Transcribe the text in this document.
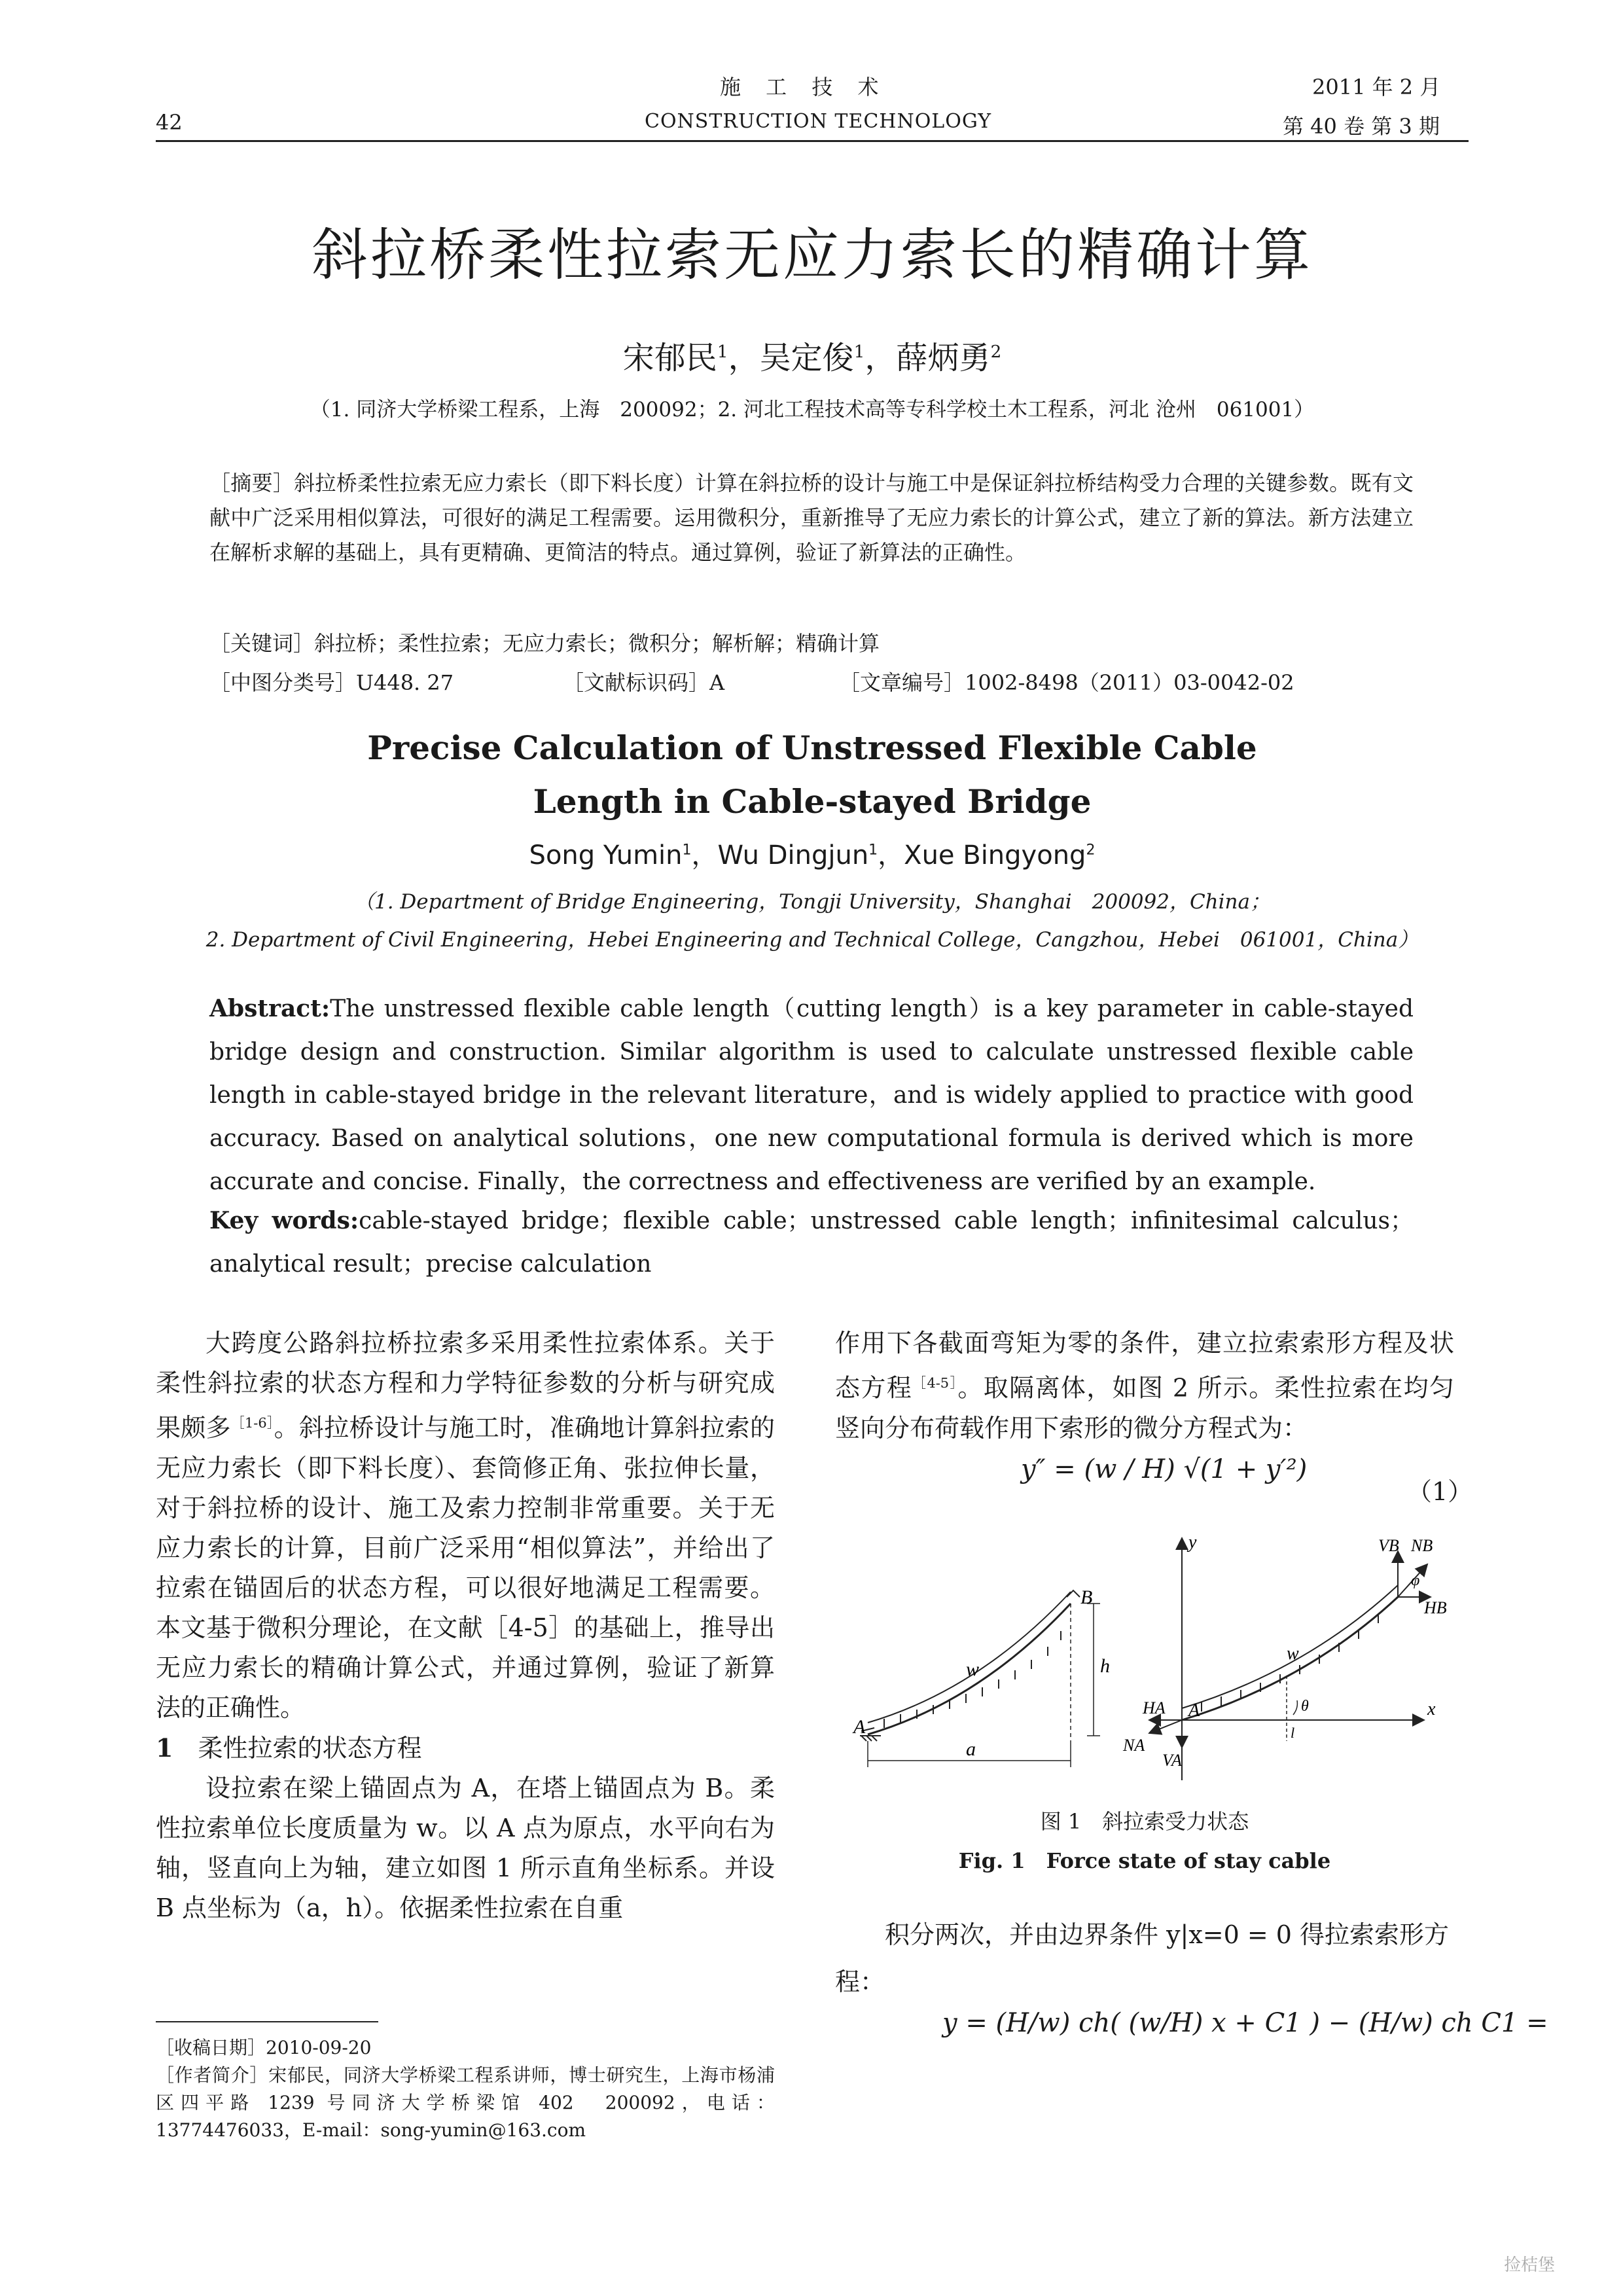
施 工 技 术	2011 年 2 月
42	CONSTRUCTION TECHNOLOGY	第 40 卷 第 3 期
斜拉桥柔性拉索无应力索长的精确计算
宋郁民$^1$，吴定俊$^1$，薛炳勇$^2$
（1. 同济大学桥梁工程系，上海　200092；2. 河北工程技术高等专科学校土木工程系，河北 沧州　061001）
［摘要］斜拉桥柔性拉索无应力索长（即下料长度）计算在斜拉桥的设计与施工中是保证斜拉桥结构受力合理的关键参数。既有文献中广泛采用相似算法，可很好的满足工程需要。运用微积分，重新推导了无应力索长的计算公式，建立了新的算法。新方法建立在解析求解的基础上，具有更精确、更简洁的特点。通过算例，验证了新算法的正确性。
［关键词］斜拉桥；柔性拉索；无应力索长；微积分；解析解；精确计算
［中图分类号］U448. 27	［文献标识码］A	［文章编号］1002-8498（2011）03-0042-02
Precise Calculation of Unstressed Flexible Cable
Length in Cable-stayed Bridge
Song Yumin$^1$，Wu Dingjun$^1$，Xue Bingyong$^2$
（1. Department of Bridge Engineering，Tongji University，Shanghai　200092，China；
2. Department of Civil Engineering，Hebei Engineering and Technical College，Cangzhou，Hebei　061001，China）
Abstract:The unstressed flexible cable length（cutting length）is a key parameter in cable-stayed bridge design and construction. Similar algorithm is used to calculate unstressed flexible cable length in cable-stayed bridge in the relevant literature，and is widely applied to practice with good accuracy. Based on analytical solutions，one new computational formula is derived which is more accurate and concise. Finally，the correctness and effectiveness are verified by an example.
Key words:cable-stayed bridge；flexible cable；unstressed cable length；infinitesimal calculus；analytical result；precise calculation

大跨度公路斜拉桥拉索多采用柔性拉索体系。关于柔性斜拉索的状态方程和力学特征参数的分析与研究成果颇多$^{[1-6]}$。斜拉桥设计与施工时，准确地计算斜拉索的无应力索长（即下料长度）、套筒修正角、张拉伸长量，对于斜拉桥的设计、施工及索力控制非常重要。关于无应力索长的计算，目前广泛采用“相似算法”，并给出了拉索在锚固后的状态方程，可以很好地满足工程需要。本文基于微积分理论，在文献［4-5］的基础上，推导出无应力索长的精确计算公式，并通过算例，验证了新算法的正确性。

1　 柔性拉索的状态方程

设拉索在梁上锚固点为 A，在塔上锚固点为 B。柔性拉索单位长度质量为 w。以 A 点为原点，水平向右为轴，竖直向上为轴，建立如图 1 所示直角坐标系。并设 B 点坐标为（a，h）。依据柔性拉索在自重

作用下各截面弯矩为零的条件，建立拉索索形方程及状态方程$^{[4-5]}$。取隔离体，如图 2 所示。柔性拉索在均匀竖向分布荷载作用下索形的微分方程式为：

y″ = (w / H) √(1 + y′²)
（1）
A
B
w	h
a
y
x
A
HA
NA
VA
w
VB NB
HB
θ
φ
l
图 1　斜拉索受力状态
Fig. 1　Force state of stay cable
积分两次，并由边界条件 y|x=0 = 0 得拉索索形方程：
y = (H/w) ch( (w/H) x + C1 ) − (H/w) ch C1 =
［收稿日期］2010-09-20
［作者简介］宋郁民，同济大学桥梁工程系讲师，博士研究生，上海市杨浦区四平路 1239 号同济大学桥梁馆 402　200092，电话：13774476033，E-mail：song-yumin@163.com
捡桔堡
